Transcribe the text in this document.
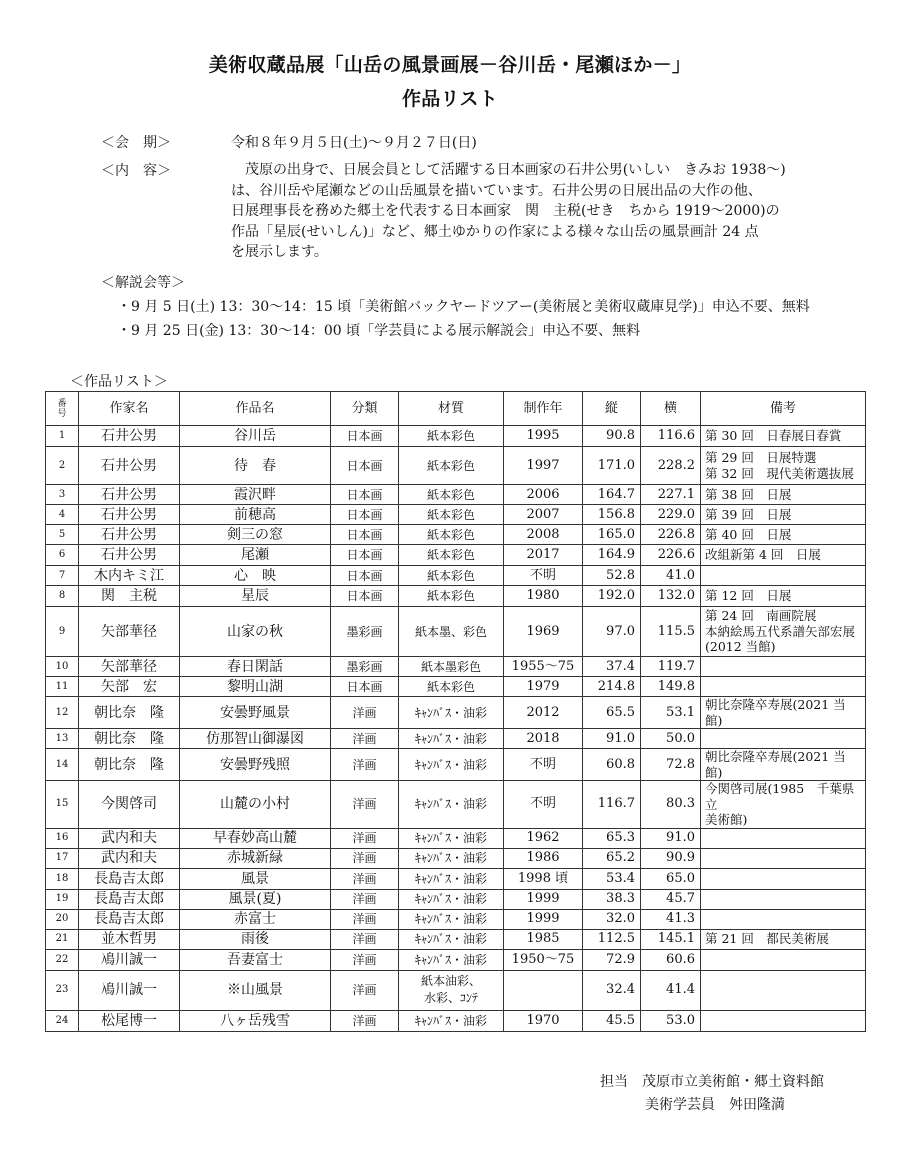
美術収蔵品展「山岳の風景画展－谷川岳・尾瀬ほか－」
作品リスト
＜会　期＞	令和８年９月５日(土)～９月２７日(日)
＜内　容＞	　茂原の出身で、日展会員として活躍する日本画家の石井公男(いしい　きみお 1938～)
は、谷川岳や尾瀬などの山岳風景を描いています。石井公男の日展出品の大作の他、
日展理事長を務めた郷土を代表する日本画家　関　主税(せき　ちから 1919～2000)の
作品「星辰(せいしん)」など、郷土ゆかりの作家による様々な山岳の風景画計 24 点
を展示します。
＜解説会等＞
・9 月 5 日(土) 13：30～14：15 頃「美術館バックヤードツアー(美術展と美術収蔵庫見学)」申込不要、無料
・9 月 25 日(金) 13：30～14：00 頃「学芸員による展示解説会」申込不要、無料
＜作品リスト＞
番
号	作家名	作品名	分類	材質	制作年	縦	横	備考
1	石井公男	谷川岳	日本画	紙本彩色	1995	90.8	116.6	第 30 回　日春展日春賞

2	石井公男	待　春	日本画	紙本彩色	1997	171.0	228.2	第 29 回　日展特選
第 32 回　現代美術選抜展

3	石井公男	霞沢畔	日本画	紙本彩色	2006	164.7	227.1	第 38 回　日展

4	石井公男	前穂高	日本画	紙本彩色	2007	156.8	229.0	第 39 回　日展

5	石井公男	剣三の窓	日本画	紙本彩色	2008	165.0	226.8	第 40 回　日展

6	石井公男	尾瀬	日本画	紙本彩色	2017	164.9	226.6	改組新第 4 回　日展

7	木内キミ江	心　映	日本画	紙本彩色	不明	52.8	41.0	
8	関　主税	星辰	日本画	紙本彩色	1980	192.0	132.0	第 12 回　日展

9	矢部華径	山家の秋	墨彩画	紙本墨、彩色	1969	97.0	115.5	第 24 回　南画院展
本納絵馬五代系譜矢部宏展
(2012 当館)

10	矢部華径	春日閑話	墨彩画	紙本墨彩色	1955～75	37.4	119.7	
11	矢部　宏	黎明山湖	日本画	紙本彩色	1979	214.8	149.8	
12	朝比奈　隆	安曇野風景	洋画	ｷｬﾝﾊﾞｽ・油彩	2012	65.5	53.1	朝比奈隆卒寿展(2021 当館)

13	朝比奈　隆	仿那智山御瀑図	洋画	ｷｬﾝﾊﾞｽ・油彩	2018	91.0	50.0	
14	朝比奈　隆	安曇野残照	洋画	ｷｬﾝﾊﾞｽ・油彩	不明	60.8	72.8	朝比奈隆卒寿展(2021 当館)

15	今関啓司	山麓の小村	洋画	ｷｬﾝﾊﾞｽ・油彩	不明	116.7	80.3	今関啓司展(1985　千葉県立
美術館)

16	武内和夫	早春妙高山麓	洋画	ｷｬﾝﾊﾞｽ・油彩	1962	65.3	91.0	
17	武内和夫	赤城新緑	洋画	ｷｬﾝﾊﾞｽ・油彩	1986	65.2	90.9	
18	長島吉太郎	風景	洋画	ｷｬﾝﾊﾞｽ・油彩	1998 頃	53.4	65.0	
19	長島吉太郎	風景(夏)	洋画	ｷｬﾝﾊﾞｽ・油彩	1999	38.3	45.7	
20	長島吉太郎	赤富士	洋画	ｷｬﾝﾊﾞｽ・油彩	1999	32.0	41.3	
21	並木哲男	雨後	洋画	ｷｬﾝﾊﾞｽ・油彩	1985	112.5	145.1	第 21 回　都民美術展

22	鳰川誠一	吾妻富士	洋画	ｷｬﾝﾊﾞｽ・油彩	1950～75	72.9	60.6	
23	鳰川誠一	※山風景	洋画	紙本油彩、
水彩、ｺﾝﾃ		32.4	41.4	
24	松尾博一	八ヶ岳残雪	洋画	ｷｬﾝﾊﾞｽ・油彩	1970	45.5	53.0	
担当　茂原市立美術館・郷土資料館
美術学芸員　舛田隆満
